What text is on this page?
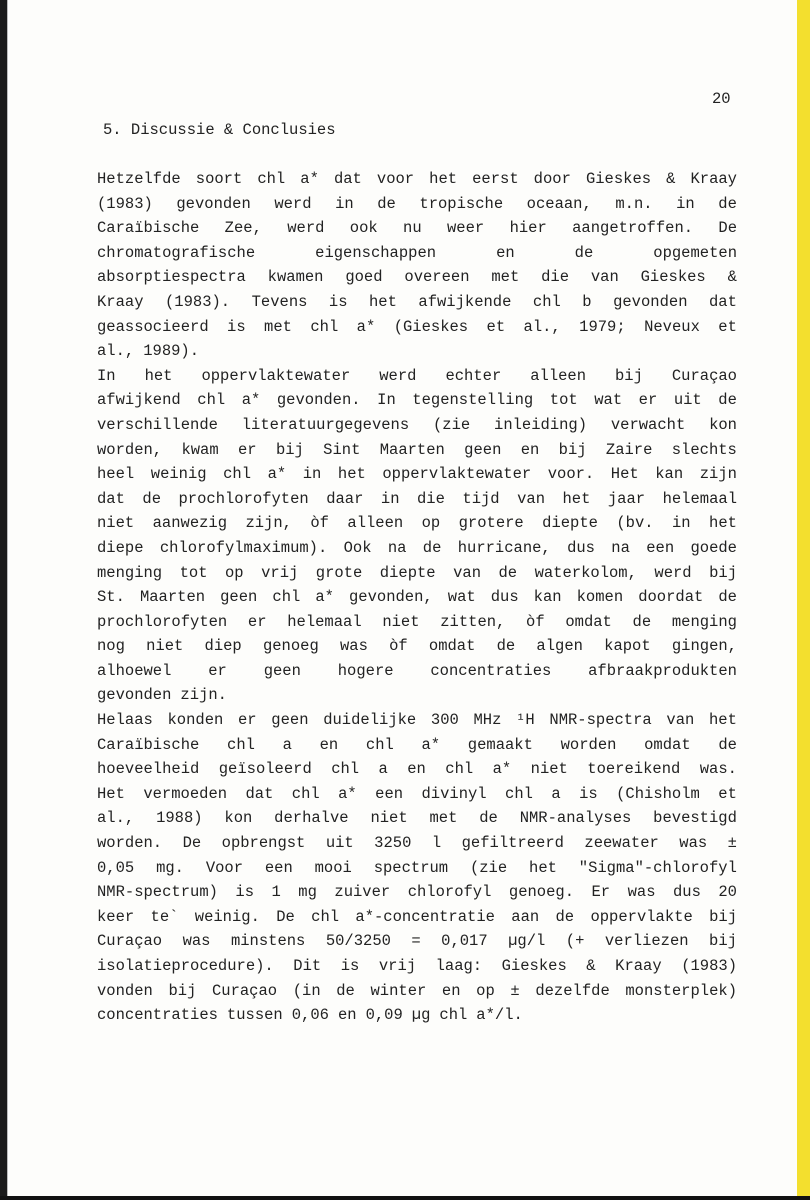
20
5. Discussie & Conclusies
Hetzelfde soort chl a* dat voor het eerst door Gieskes & Kraay
(1983) gevonden werd in de tropische oceaan, m.n. in de
Caraïbische Zee, werd ook nu weer hier aangetroffen. De
chromatografische	eigenschappen	en	de	opgemeten
absorptiespectra kwamen goed overeen met die van Gieskes &
Kraay (1983). Tevens is het afwijkende chl b gevonden dat
geassocieerd is met chl a* (Gieskes et al., 1979; Neveux et
al., 1989).
In het oppervlaktewater werd echter alleen bij Curaçao
afwijkend chl a* gevonden. In tegenstelling tot wat er uit de
verschillende literatuurgegevens (zie inleiding) verwacht kon
worden, kwam er bij Sint Maarten geen en bij Zaire slechts
heel weinig chl a* in het oppervlaktewater voor. Het kan zijn
dat de prochlorofyten daar in die tijd van het jaar helemaal
niet aanwezig zijn, òf alleen op grotere diepte (bv. in het
diepe chlorofylmaximum). Ook na de hurricane, dus na een goede
menging tot op vrij grote diepte van de waterkolom, werd bij
St. Maarten geen chl a* gevonden, wat dus kan komen doordat de
prochlorofyten er helemaal niet zitten, òf omdat de menging
nog niet diep genoeg was òf omdat de algen kapot gingen,
alhoewel er geen hogere concentraties afbraakprodukten
gevonden zijn.
Helaas konden er geen duidelijke 300 MHz ¹H NMR-spectra van het
Caraïbische chl a en chl a* gemaakt worden omdat de
hoeveelheid geïsoleerd chl a en chl a* niet toereikend was.
Het vermoeden dat chl a* een divinyl chl a is (Chisholm et
al., 1988) kon derhalve niet met de NMR-analyses bevestigd
worden. De opbrengst uit 3250 l gefiltreerd zeewater was ±
0,05 mg. Voor een mooi spectrum (zie het "Sigma"-chlorofyl
NMR-spectrum) is 1 mg zuiver chlorofyl genoeg. Er was dus 20
keer te` weinig. De chl a*-concentratie aan de oppervlakte bij
Curaçao was minstens 50/3250 = 0,017 µg/l (+ verliezen bij
isolatieprocedure). Dit is vrij laag: Gieskes & Kraay (1983)
vonden bij Curaçao (in de winter en op ± dezelfde monsterplek)
concentraties tussen 0,06 en 0,09 µg chl a*/l.
